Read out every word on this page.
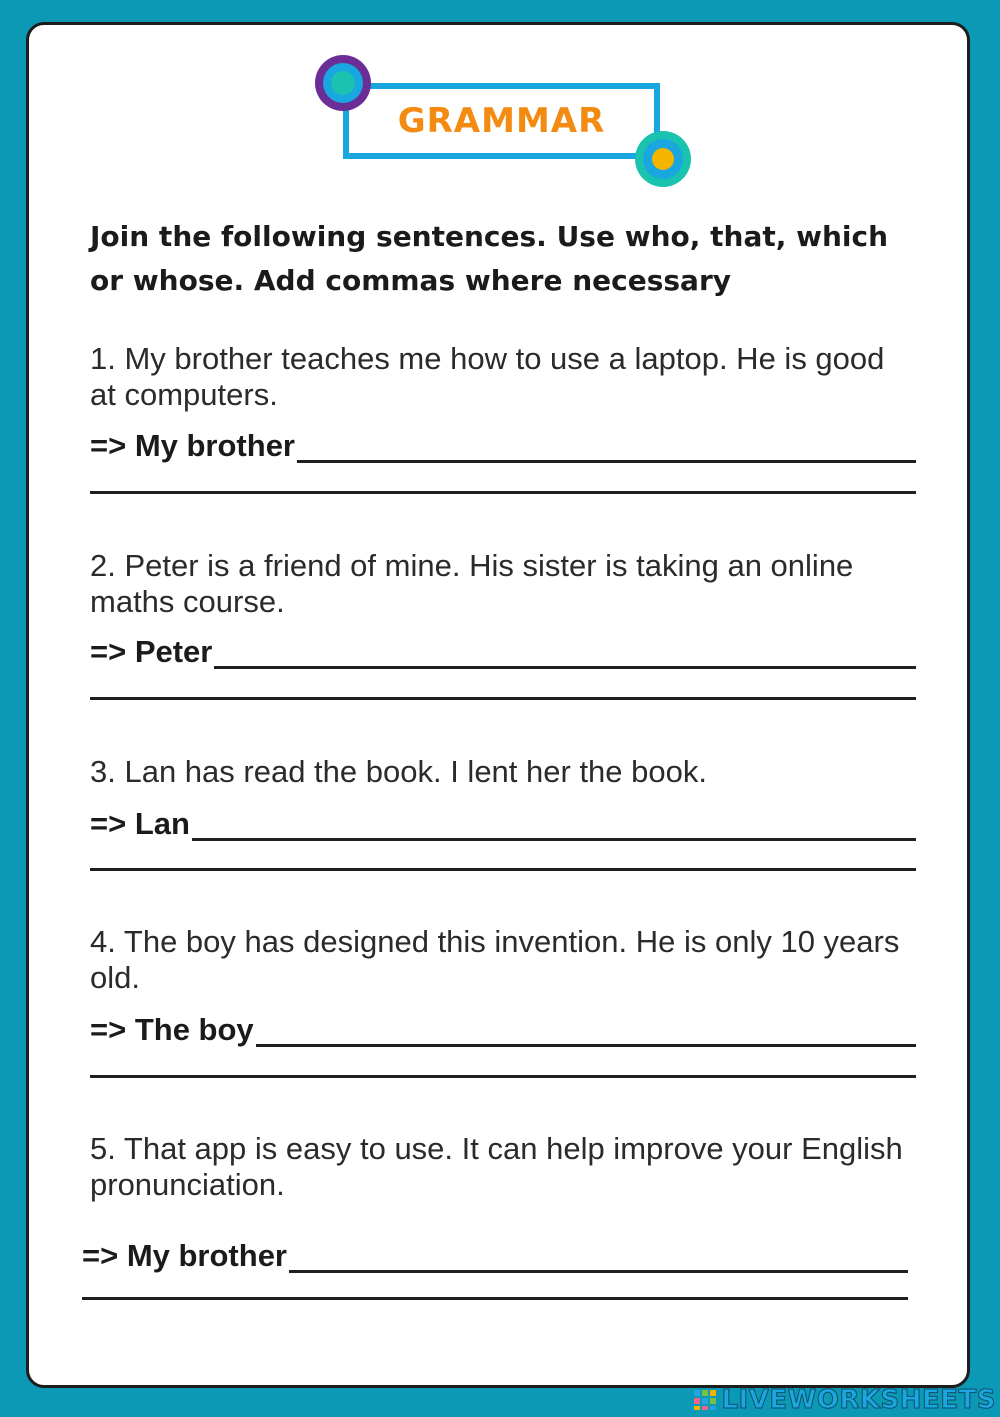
GRAMMAR
Join the following sentences. Use who, that, which or whose. Add commas where necessary

1. My brother teaches me how to use a laptop. He is good at computers.

=> My brother

2. Peter is a friend of mine. His sister is taking an online maths course.

=> Peter

3. Lan has read the book. I lent her the book.

=> Lan

4. The boy has designed this invention. He is only 10 years old.

=> The boy

5. That app is easy to use. It can help improve your English pronunciation.

=> My brother
LIVEWORKSHEETS
